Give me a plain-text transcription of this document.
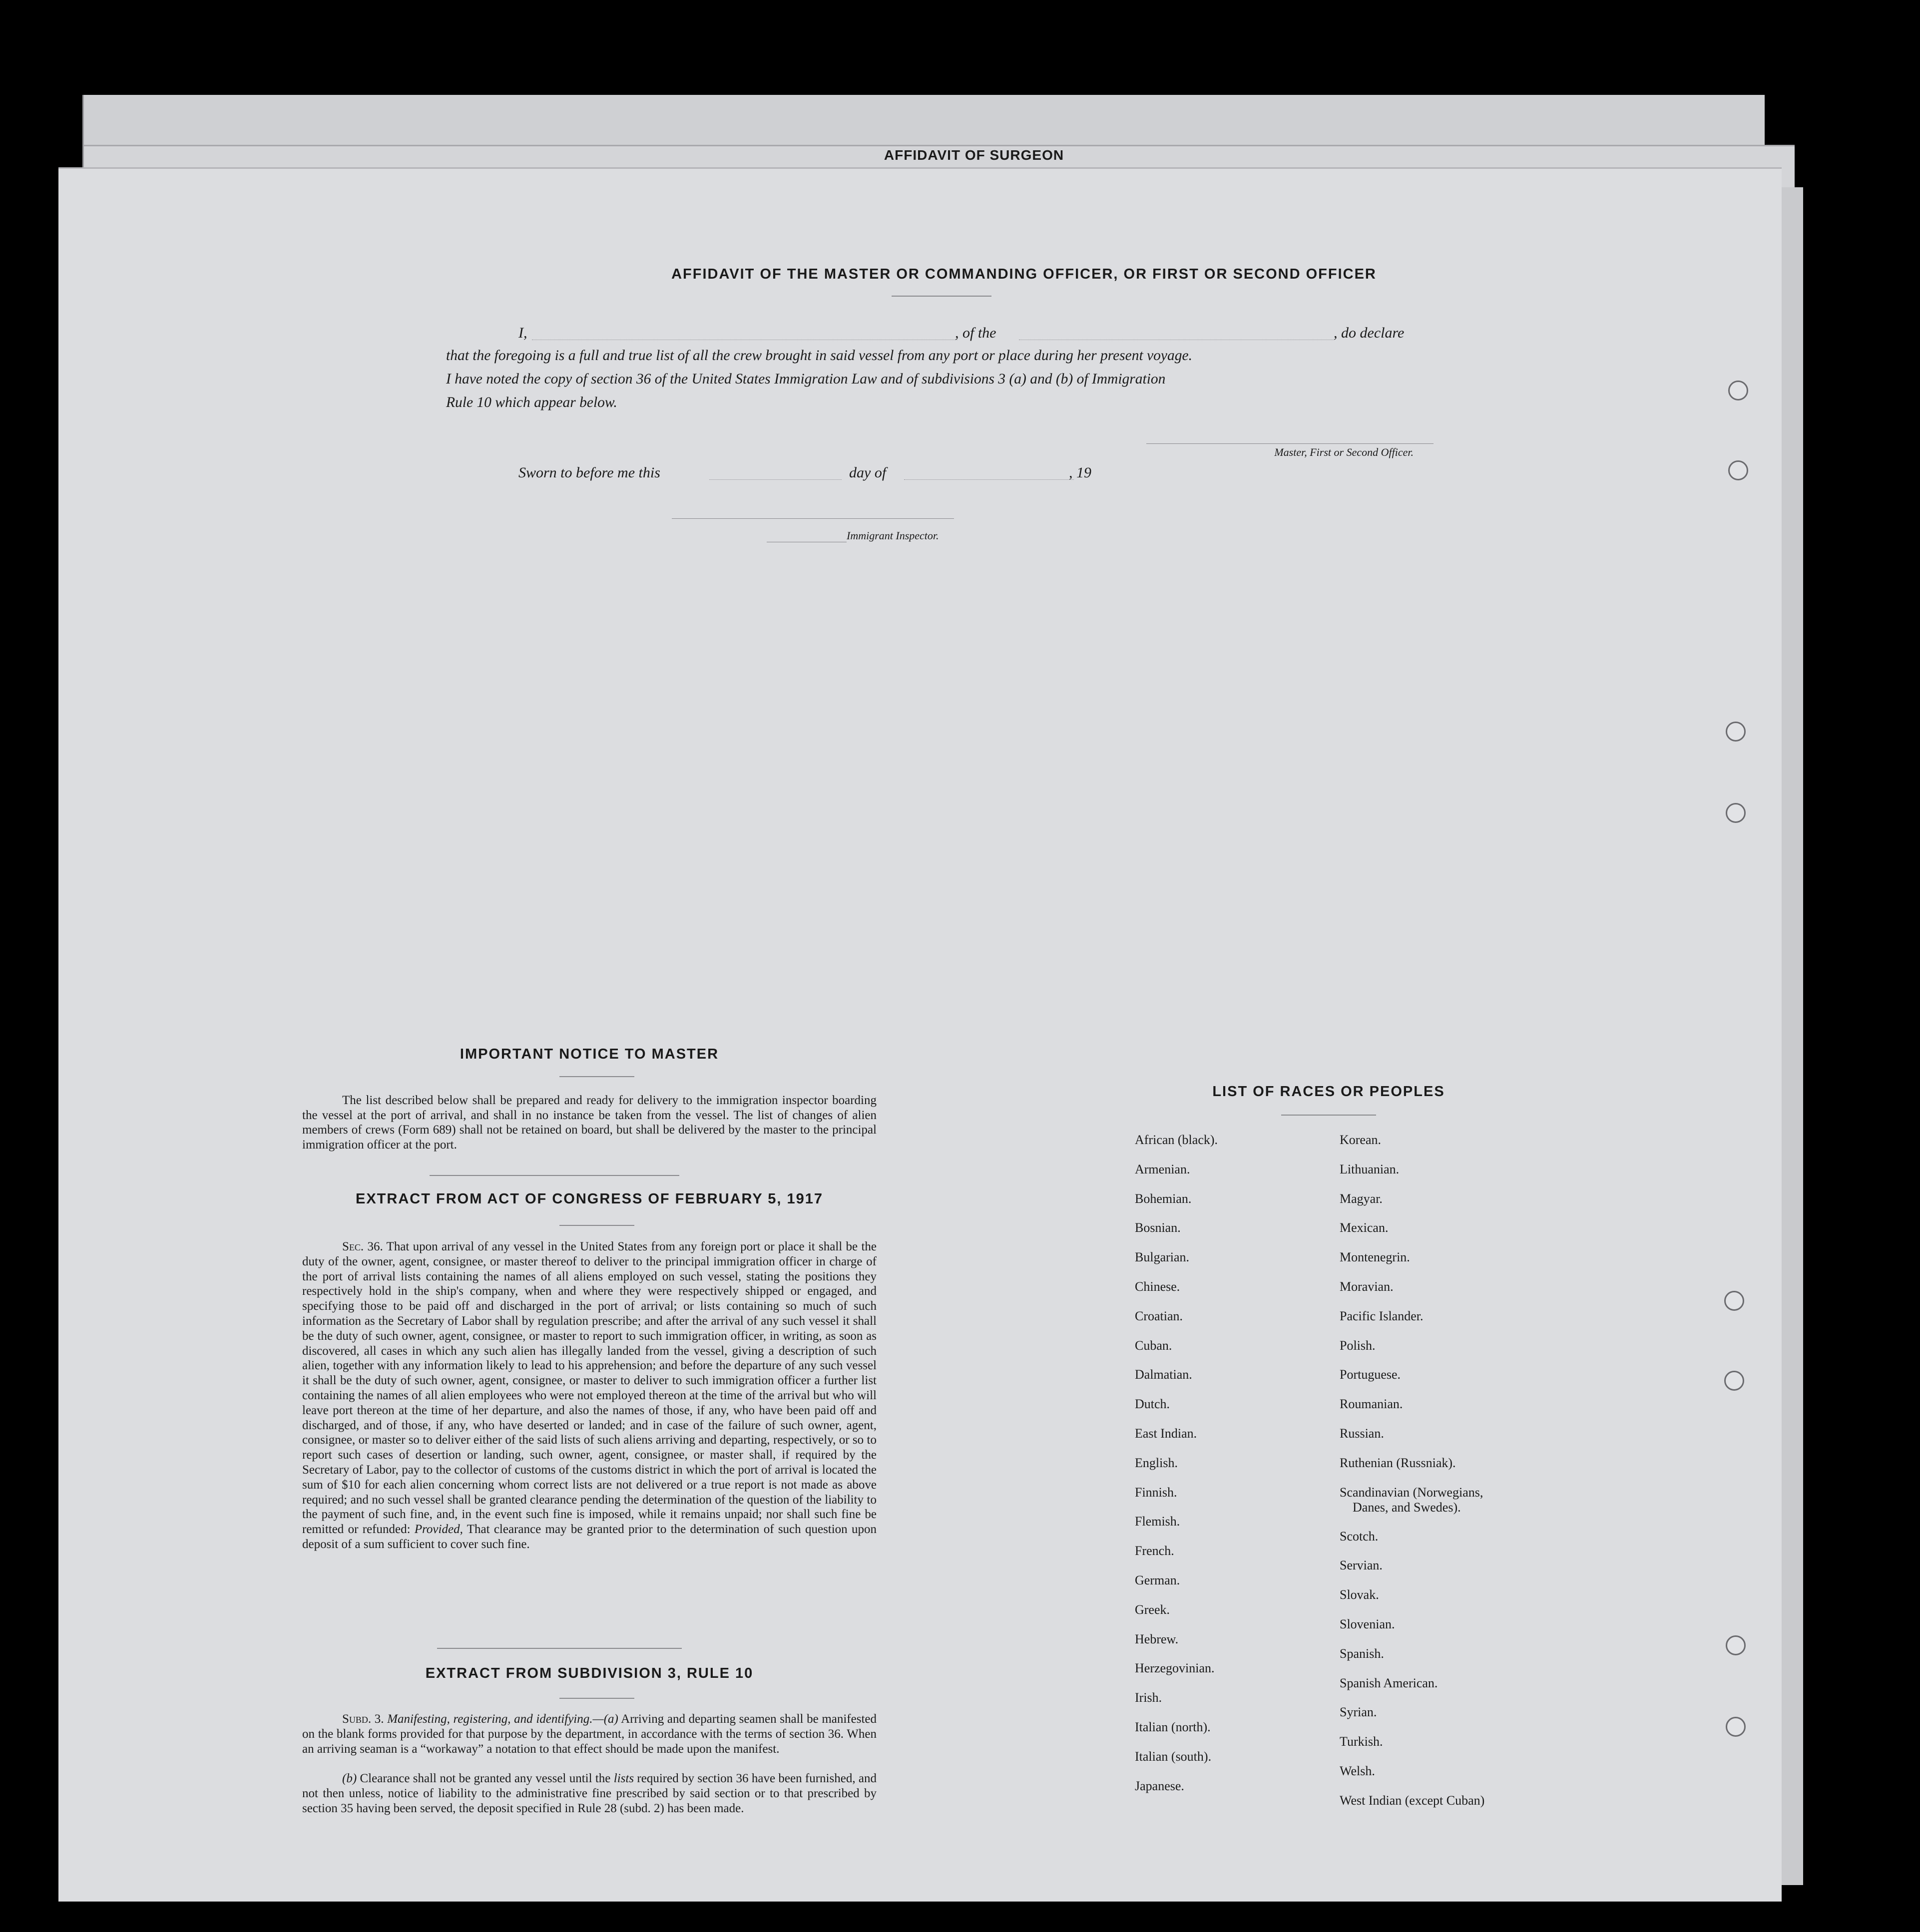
AFFIDAVIT OF SURGEON
AFFIDAVIT OF THE MASTER OR COMMANDING OFFICER, OR FIRST OR SECOND OFFICER
I,	, of the	, do declare
that the foregoing is a full and true list of all the crew brought in said vessel from any port or place during her present voyage.
I have noted the copy of section 36 of the United States Immigration Law and of subdivisions 3 (a) and (b) of Immigration
Rule 10 which appear below.
Master, First or Second Officer.
Sworn to before me this	day of	, 19
Immigrant Inspector.
IMPORTANT NOTICE TO MASTER
The list described below shall be prepared and ready for delivery to the immigration inspector boarding the vessel at the port of arrival, and shall in no instance be taken from the vessel. The list of changes of alien members of crews (Form 689) shall not be retained on board, but shall be delivered by the master to the principal immigration officer at the port.
EXTRACT FROM ACT OF CONGRESS OF FEBRUARY 5, 1917
Sec. 36. That upon arrival of any vessel in the United States from any foreign port or place it shall be the duty of the owner, agent, consignee, or master thereof to deliver to the principal immigration officer in charge of the port of arrival lists containing the names of all aliens employed on such vessel, stating the positions they respectively hold in the ship's company, when and where they were respectively shipped or engaged, and specifying those to be paid off and discharged in the port of arrival; or lists containing so much of such information as the Secretary of Labor shall by regulation prescribe; and after the arrival of any such vessel it shall be the duty of such owner, agent, consignee, or master to report to such immigration officer, in writing, as soon as discovered, all cases in which any such alien has illegally landed from the vessel, giving a description of such alien, together with any information likely to lead to his apprehension; and before the departure of any such vessel it shall be the duty of such owner, agent, consignee, or master to deliver to such immigration officer a further list containing the names of all alien employees who were not employed thereon at the time of the arrival but who will leave port thereon at the time of her departure, and also the names of those, if any, who have been paid off and discharged, and of those, if any, who have deserted or landed; and in case of the failure of such owner, agent, consignee, or master so to deliver either of the said lists of such aliens arriving and departing, respectively, or so to report such cases of desertion or landing, such owner, agent, consignee, or master shall, if required by the Secretary of Labor, pay to the collector of customs of the customs district in which the port of arrival is located the sum of $10 for each alien concerning whom correct lists are not delivered or a true report is not made as above required; and no such vessel shall be granted clearance pending the determination of the question of the liability to the payment of such fine, and, in the event such fine is imposed, while it remains unpaid; nor shall such fine be remitted or refunded: Provided, That clearance may be granted prior to the determination of such question upon deposit of a sum sufficient to cover such fine.
EXTRACT FROM SUBDIVISION 3, RULE 10
Subd. 3. Manifesting, registering, and identifying.—(a) Arriving and departing seamen shall be manifested on the blank forms provided for that purpose by the department, in accordance with the terms of section 36. When an arriving seaman is a “workaway” a notation to that effect should be made upon the manifest.
(b) Clearance shall not be granted any vessel until the lists required by section 36 have been furnished, and not then unless, notice of liability to the administrative fine prescribed by said section or to that prescribed by section 35 having been served, the deposit specified in Rule 28 (subd. 2) has been made.
LIST OF RACES OR PEOPLES
African (black).
Armenian.
Bohemian.
Bosnian.
Bulgarian.
Chinese.
Croatian.
Cuban.
Dalmatian.
Dutch.
East Indian.
English.
Finnish.
Flemish.
French.
German.
Greek.
Hebrew.
Herzegovinian.
Irish.
Italian (north).
Italian (south).
Japanese.
Korean.
Lithuanian.
Magyar.
Mexican.
Montenegrin.
Moravian.
Pacific Islander.
Polish.
Portuguese.
Roumanian.
Russian.
Ruthenian (Russniak).
Scandinavian (Norwegians,
Danes, and Swedes).
Scotch.
Servian.
Slovak.
Slovenian.
Spanish.
Spanish American.
Syrian.
Turkish.
Welsh.
West Indian (except Cuban)
